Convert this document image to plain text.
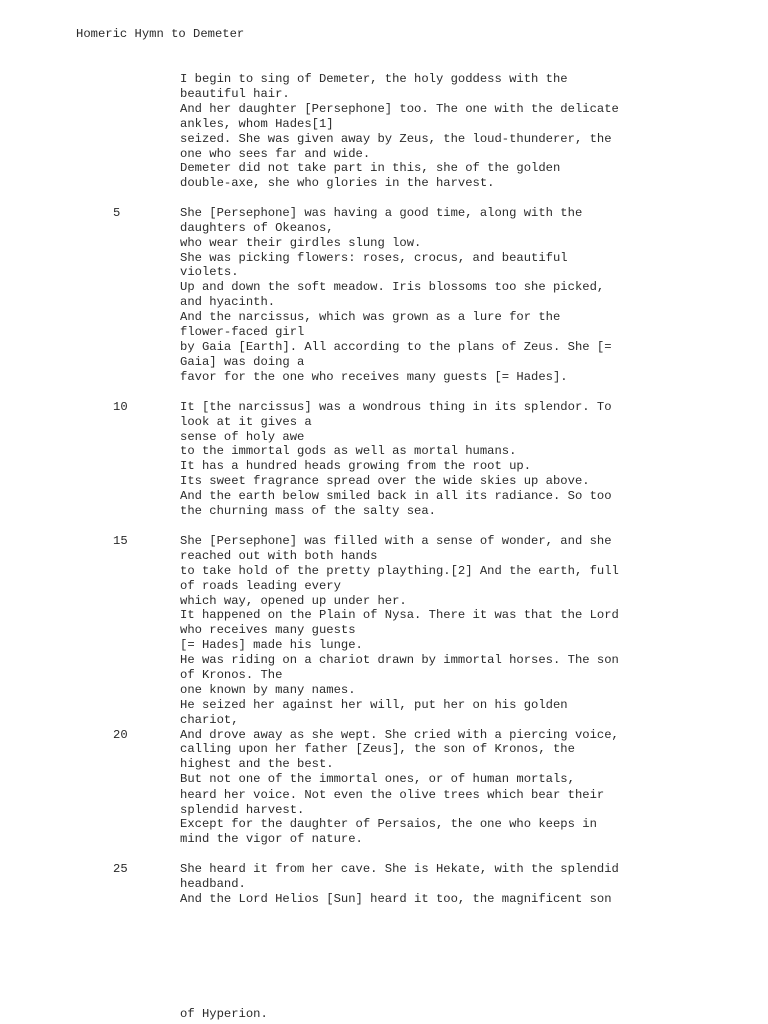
Homeric Hymn to Demeter
I begin to sing of Demeter, the holy goddess with the
beautiful hair.
And her daughter [Persephone] too. The one with the delicate
ankles, whom Hades[1]
seized. She was given away by Zeus, the loud-thunderer, the
one who sees far and wide.
Demeter did not take part in this, she of the golden
double-axe, she who glories in the harvest.
She [Persephone] was having a good time, along with the
daughters of Okeanos,
who wear their girdles slung low.
She was picking flowers: roses, crocus, and beautiful
violets.
Up and down the soft meadow. Iris blossoms too she picked,
and hyacinth.
And the narcissus, which was grown as a lure for the
flower-faced girl
by Gaia [Earth]. All according to the plans of Zeus. She [=
Gaia] was doing a
favor for the one who receives many guests [= Hades].
It [the narcissus] was a wondrous thing in its splendor. To
look at it gives a
sense of holy awe
to the immortal gods as well as mortal humans.
It has a hundred heads growing from the root up.
Its sweet fragrance spread over the wide skies up above.
And the earth below smiled back in all its radiance. So too
the churning mass of the salty sea.
She [Persephone] was filled with a sense of wonder, and she
reached out with both hands
to take hold of the pretty plaything.[2] And the earth, full
of roads leading every
which way, opened up under her.
It happened on the Plain of Nysa. There it was that the Lord
who receives many guests
[= Hades] made his lunge.
He was riding on a chariot drawn by immortal horses. The son
of Kronos. The
one known by many names.
He seized her against her will, put her on his golden
chariot,
And drove away as she wept. She cried with a piercing voice,
calling upon her father [Zeus], the son of Kronos, the
highest and the best.
But not one of the immortal ones, or of human mortals,
heard her voice. Not even the olive trees which bear their
splendid harvest.
Except for the daughter of Persaios, the one who keeps in
mind the vigor of nature.
She heard it from her cave. She is Hekate, with the splendid
headband.
And the Lord Helios [Sun] heard it too, the magnificent son
of Hyperion.
5
10
15
20
25
